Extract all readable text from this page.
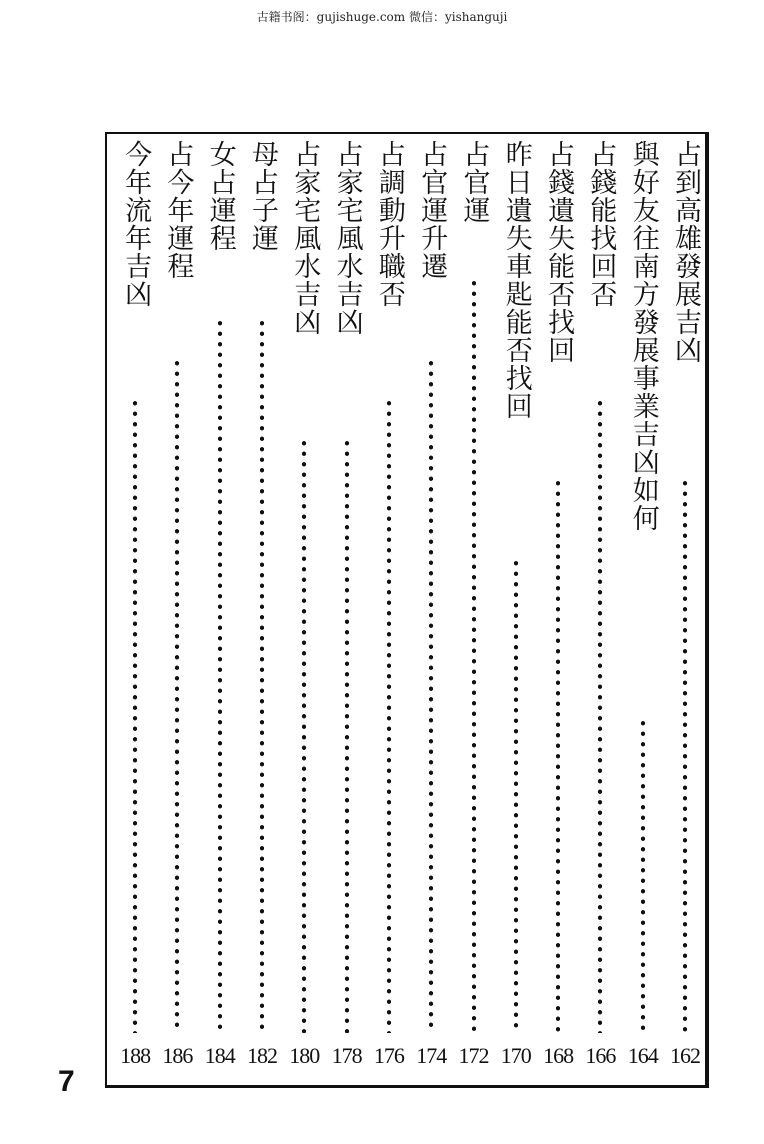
古籍书阁：gujishuge.com 微信：yishanguji
占到高雄發展吉凶
162
與好友往南方發展事業吉凶如何
164
占錢能找回否
166
占錢遺失能否找回
168
昨日遺失車匙能否找回
170
占官運
172
占官運升遷
174
占調動升職否
176
占家宅風水吉凶
178
占家宅風水吉凶
180
母占子運
182
女占運程
184
占今年運程
186
今年流年吉凶
188
7
